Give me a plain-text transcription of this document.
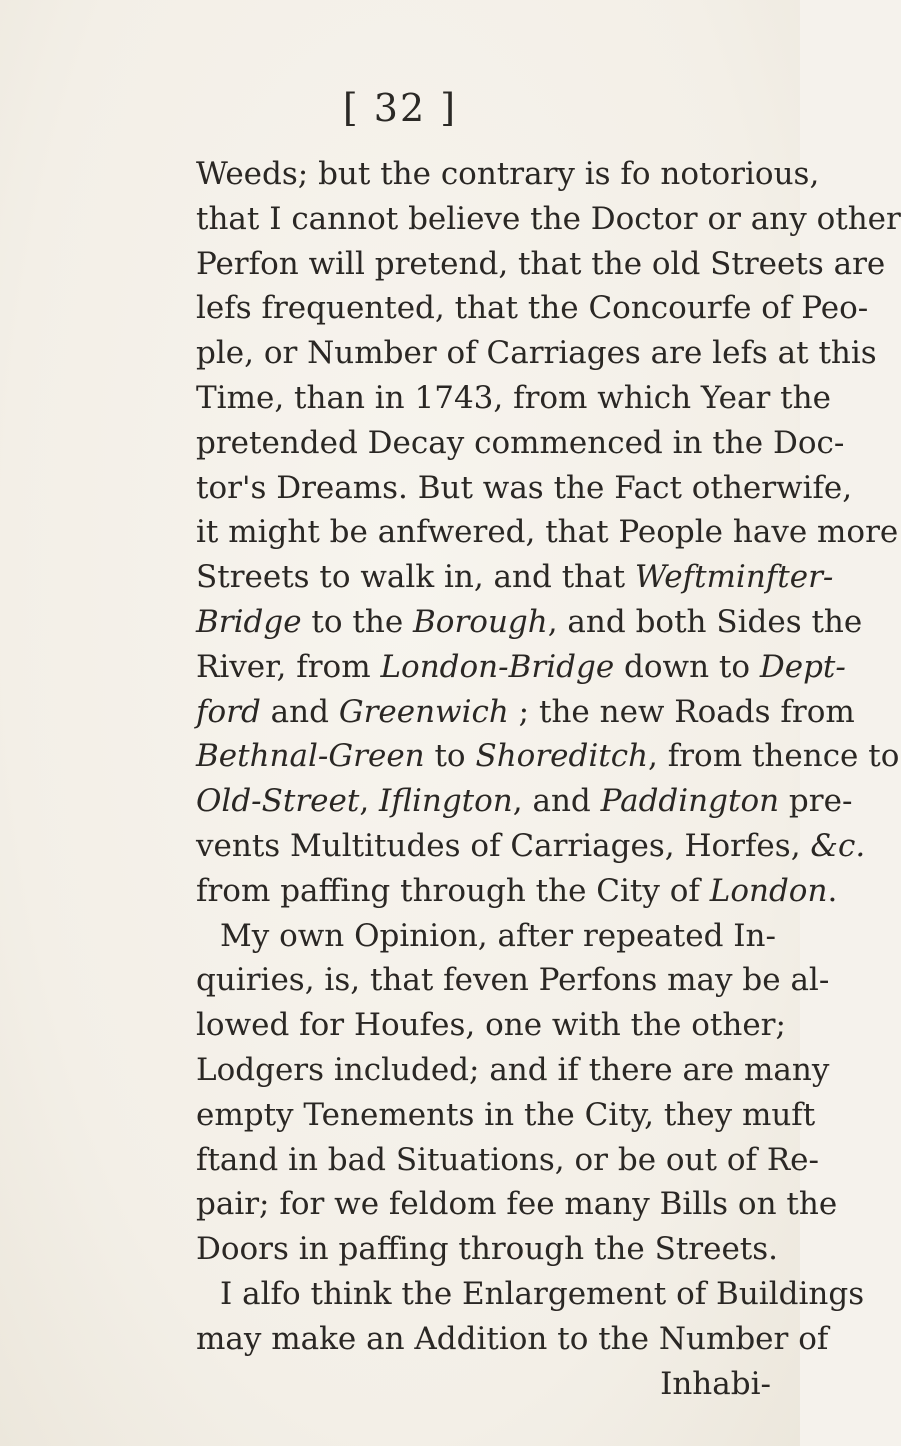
[ 32 ]
Weeds; but the contrary is fo notorious,
that I cannot believe the Doctor or any other
Perfon will pretend, that the old Streets are
lefs frequented, that the Concourfe of Peo-
ple, or Number of Carriages are lefs at this
Time, than in 1743, from which Year the
pretended Decay commenced in the Doc-
tor's Dreams. But was the Fact otherwife,
it might be anfwered, that People have more
Streets to walk in, and that Weftminfter-
Bridge to the Borough, and both Sides the
River, from London-Bridge down to Dept-
ford and Greenwich ; the new Roads from
Bethnal-Green to Shoreditch, from thence to
Old-Street, Iflington, and Paddington pre-
vents Multitudes of Carriages, Horfes, &c.
from paffing through the City of London.
My own Opinion, after repeated In-
quiries, is, that feven Perfons may be al-
lowed for Houfes, one with the other;
Lodgers included; and if there are many
empty Tenements in the City, they muft
ftand in bad Situations, or be out of Re-
pair; for we feldom fee many Bills on the
Doors in paffing through the Streets.
I alfo think the Enlargement of Buildings
may make an Addition to the Number of
Inhabi-
